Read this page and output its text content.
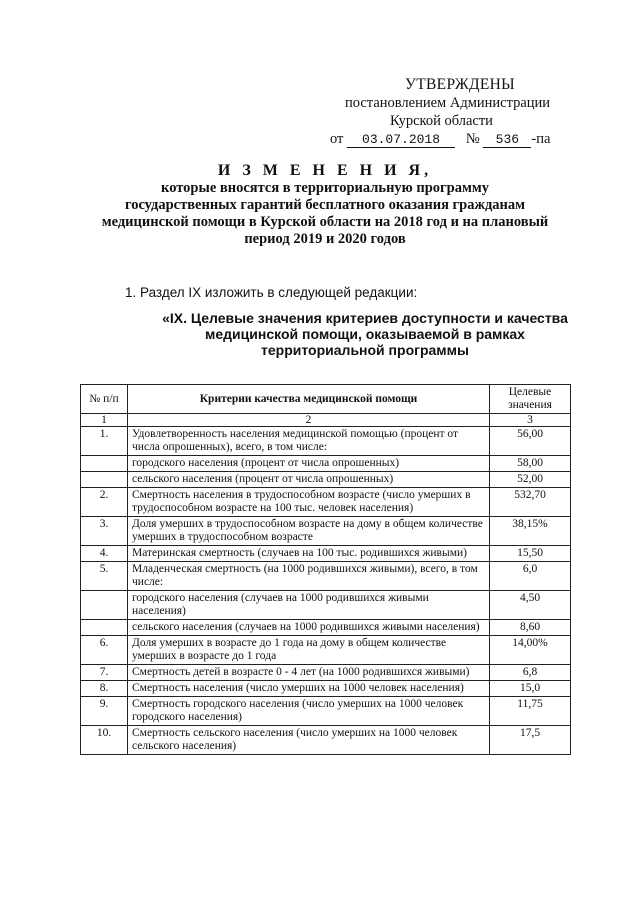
УТВЕРЖДЕНЫ
постановлением Администрации
Курской области
от 03.07.2018 № 536 -па
И З М Е Н Е Н И Я,
которые вносятся в территориальную программу
государственных гарантий бесплатного оказания гражданам
медицинской помощи в Курской области на 2018 год и на плановый
период 2019 и 2020 годов
1. Раздел IX изложить в следующей редакции:
«IX. Целевые значения критериев доступности и качества
медицинской помощи, оказываемой в рамках
территориальной программы
№ п/п	Критерии качества медицинской помощи	Целевые значения
1	2	3
1.	Удовлетворенность населения медицинской помощью (процент от числа опрошенных), всего, в том числе:	56,00
	городского населения (процент от числа опрошенных)	58,00
	сельского населения (процент от числа опрошенных)	52,00
2.	Смертность населения в трудоспособном возрасте (число умерших в трудоспособном возрасте на 100 тыс. человек населения)	532,70
3.	Доля умерших в трудоспособном возрасте на дому в общем количестве умерших в трудоспособном возрасте	38,15%
4.	Материнская смертность (случаев на 100 тыс. родившихся живыми)	15,50
5.	Младенческая смертность (на 1000 родившихся живыми), всего, в том числе:	6,0
	городского населения (случаев на 1000 родившихся живыми населения)	4,50
	сельского населения (случаев на 1000 родившихся живыми населения)	8,60
6.	Доля умерших в возрасте до 1 года на дому в общем количестве умерших в возрасте до 1 года	14,00%
7.	Смертность детей в возрасте 0 - 4 лет (на 1000 родившихся живыми)	6,8
8.	Смертность населения (число умерших на 1000 человек населения)	15,0
9.	Смертность городского населения (число умерших на 1000 человек городского населения)	11,75
10.	Смертность сельского населения (число умерших на 1000 человек сельского населения)	17,5
